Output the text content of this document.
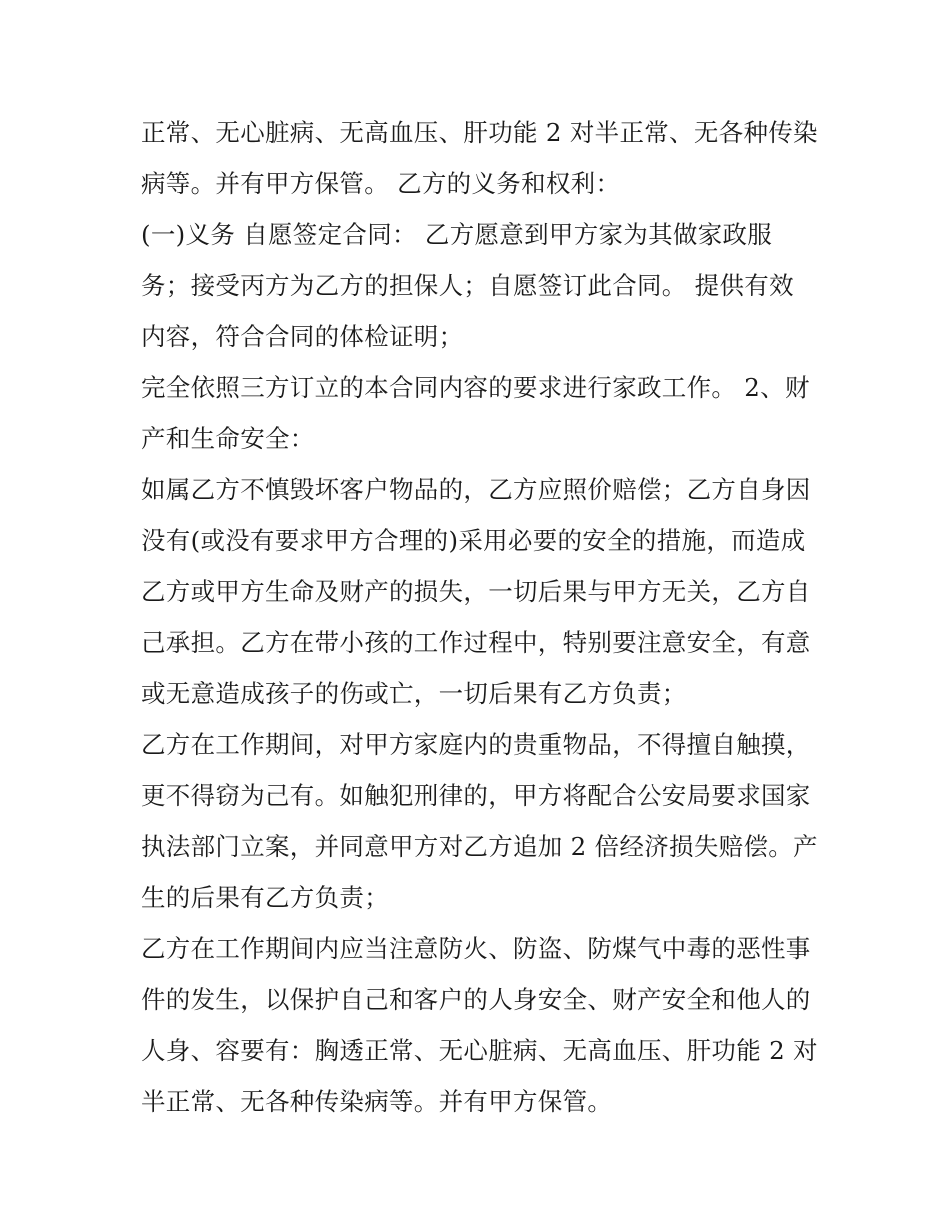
正常、无心脏病、无高血压、肝功能 2 对半正常、无各种传染
病等。并有甲方保管。 乙方的义务和权利：
(一)义务 自愿签定合同： 乙方愿意到甲方家为其做家政服
务；接受丙方为乙方的担保人；自愿签订此合同。 提供有效
内容，符合合同的体检证明；
完全依照三方订立的本合同内容的要求进行家政工作。 2、财
产和生命安全：
如属乙方不慎毁坏客户物品的，乙方应照价赔偿；乙方自身因
没有(或没有要求甲方合理的)采用必要的安全的措施，而造成
乙方或甲方生命及财产的损失，一切后果与甲方无关，乙方自
己承担。乙方在带小孩的工作过程中，特别要注意安全，有意
或无意造成孩子的伤或亡，一切后果有乙方负责；
乙方在工作期间，对甲方家庭内的贵重物品，不得擅自触摸，
更不得窃为己有。如触犯刑律的，甲方将配合公安局要求国家
执法部门立案，并同意甲方对乙方追加 2 倍经济损失赔偿。产
生的后果有乙方负责；
乙方在工作期间内应当注意防火、防盗、防煤气中毒的恶性事
件的发生，以保护自己和客户的人身安全、财产安全和他人的
人身、容要有：胸透正常、无心脏病、无高血压、肝功能 2 对
半正常、无各种传染病等。并有甲方保管。
